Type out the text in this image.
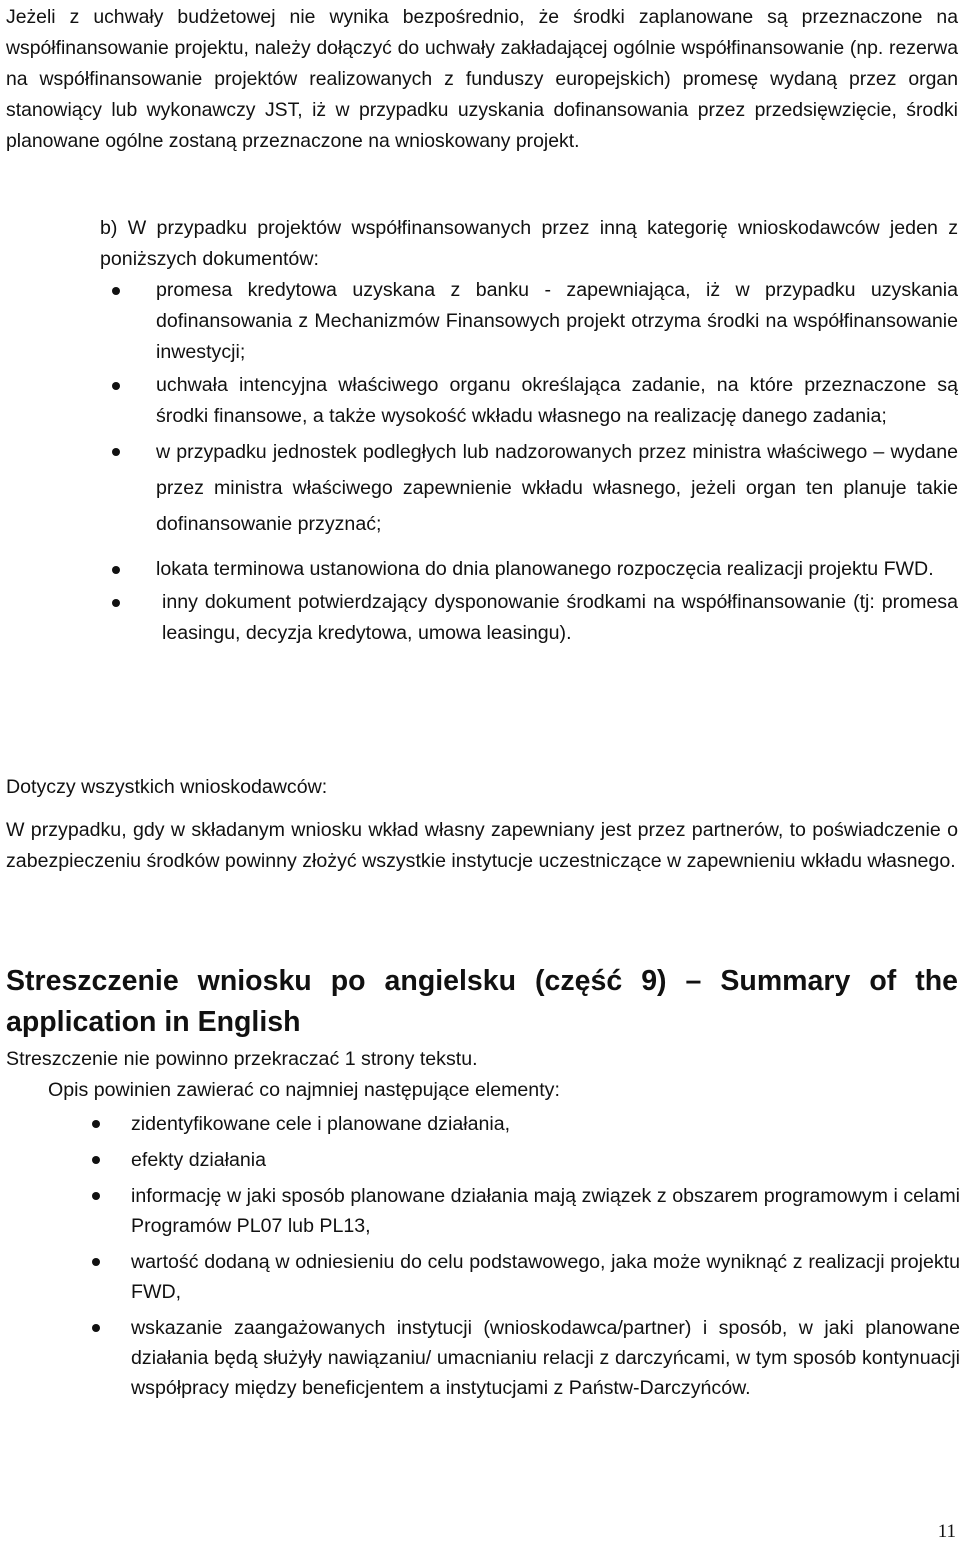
Jeżeli z uchwały budżetowej nie wynika bezpośrednio, że środki zaplanowane są przeznaczone na współfinansowanie projektu, należy dołączyć do uchwały zakładającej ogólnie współfinansowanie (np. rezerwa na współfinansowanie projektów realizowanych z funduszy europejskich) promesę wydaną przez organ stanowiący lub wykonawczy JST, iż w przypadku uzyskania dofinansowania przez przedsięwzięcie, środki planowane ogólne zostaną przeznaczone na wnioskowany projekt.

b) W przypadku projektów współfinansowanych przez inną kategorię wnioskodawców jeden z poniższych dokumentów:

promesa kredytowa uzyskana z banku - zapewniająca, iż w przypadku uzyskania dofinansowania z Mechanizmów Finansowych projekt otrzyma środki na współfinansowanie inwestycji;
uchwała intencyjna właściwego organu określająca zadanie, na które przeznaczone są środki finansowe, a także wysokość wkładu własnego na realizację danego zadania;
w przypadku jednostek podległych lub nadzorowanych przez ministra właściwego – wydane przez ministra właściwego zapewnienie wkładu własnego, jeżeli organ ten planuje takie dofinansowanie przyznać;
lokata terminowa ustanowiona do dnia planowanego rozpoczęcia realizacji projektu FWD.
inny dokument potwierdzający dysponowanie środkami na współfinansowanie (tj: promesa leasingu, decyzja kredytowa, umowa leasingu).

Dotyczy wszystkich wnioskodawców:

W przypadku, gdy w składanym wniosku wkład własny zapewniany jest przez partnerów, to poświadczenie o zabezpieczeniu środków powinny złożyć wszystkie instytucje uczestniczące w zapewnieniu wkładu własnego.

Streszczenie wniosku po angielsku (część 9) – Summary of the application in English

Streszczenie nie powinno przekraczać 1 strony tekstu.

Opis powinien zawierać co najmniej następujące elementy:

zidentyfikowane cele i planowane działania,
efekty działania
informację w jaki sposób planowane działania mają związek z obszarem programowym i celami Programów PL07 lub PL13,
wartość dodaną w odniesieniu do celu podstawowego, jaka może wyniknąć z realizacji projektu FWD,
wskazanie zaangażowanych instytucji (wnioskodawca/partner) i sposób, w jaki planowane działania będą służyły nawiązaniu/ umacnianiu relacji z darczyńcami, w tym sposób kontynuacji współpracy między beneficjentem a instytucjami z Państw-Darczyńców.
11
